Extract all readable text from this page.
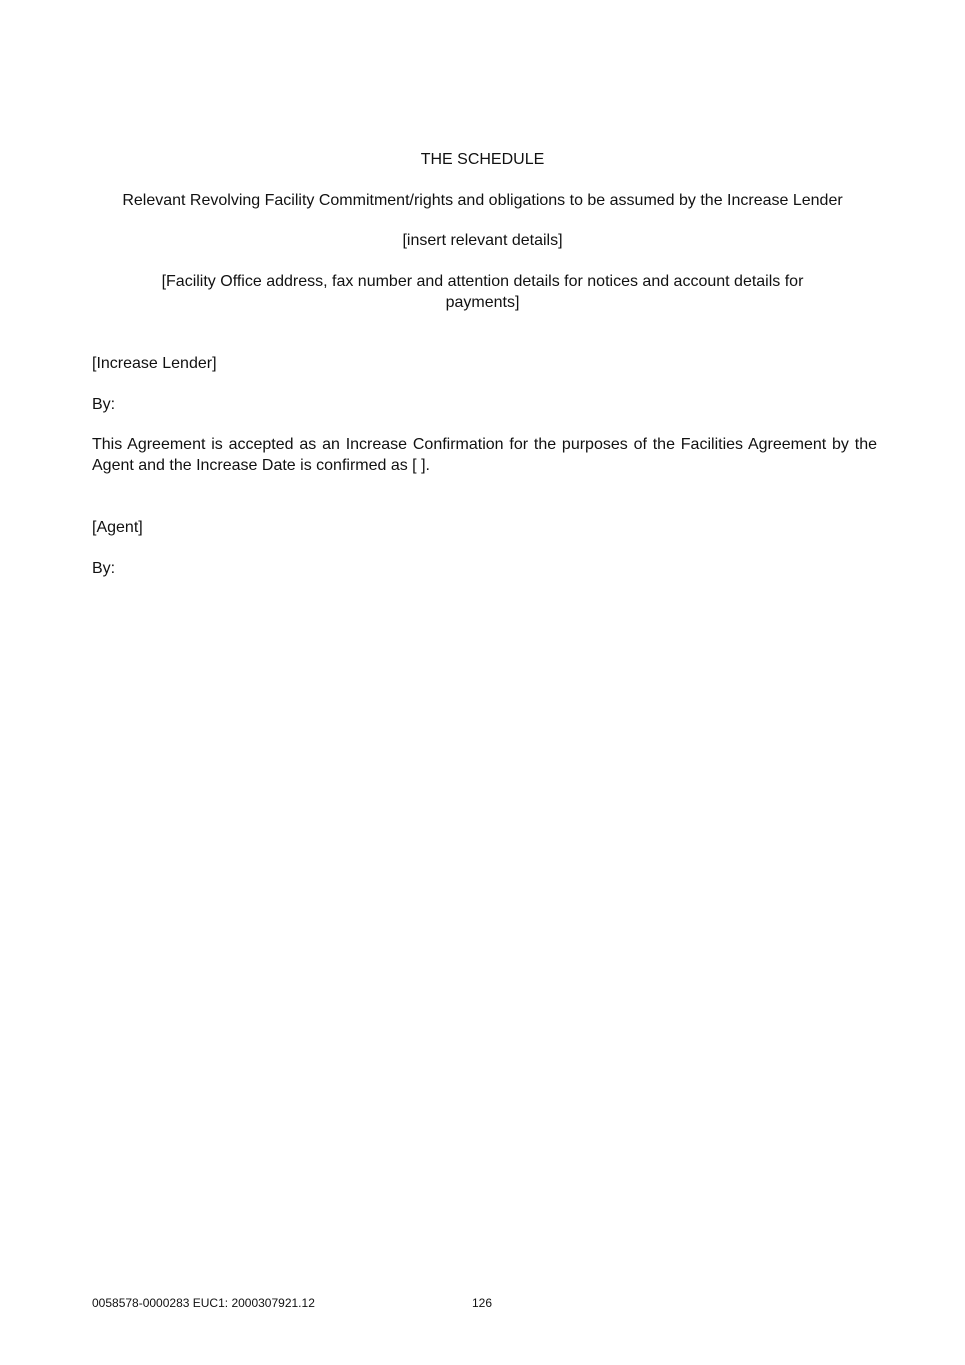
THE SCHEDULE
Relevant Revolving Facility Commitment/rights and obligations to be assumed by the Increase Lender
[insert relevant details]
[Facility Office address, fax number and attention details for notices and account details for payments]
[Increase Lender]
By:
This Agreement is accepted as an Increase Confirmation for the purposes of the Facilities Agreement by the Agent and the Increase Date is confirmed as [ ].
[Agent]
By:
0058578-0000283 EUC1: 2000307921.12	126
